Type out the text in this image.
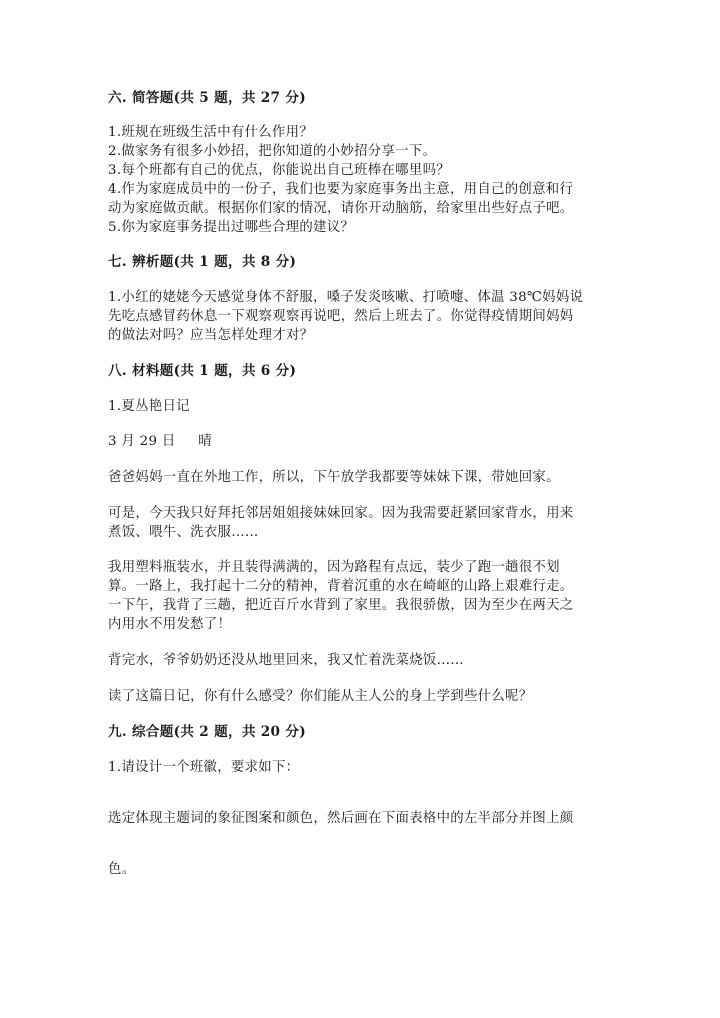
六. 简答题(共 5 题，共 27 分)
1.班规在班级生活中有什么作用？
2.做家务有很多小妙招，把你知道的小妙招分享一下。
3.每个班都有自己的优点，你能说出自己班棒在哪里吗？
4.作为家庭成员中的一份子，我们也要为家庭事务出主意，用自己的创意和行
动为家庭做贡献。根据你们家的情况，请你开动脑筋，给家里出些好点子吧。
5.你为家庭事务提出过哪些合理的建议？
七. 辨析题(共 1 题，共 8 分)
1.小红的姥姥今天感觉身体不舒服，嗓子发炎咳嗽、打喷嚏、体温 38℃妈妈说
先吃点感冒药休息一下观察观察再说吧，然后上班去了。你觉得疫情期间妈妈
的做法对吗？应当怎样处理才对？
八. 材料题(共 1 题，共 6 分)
1.夏丛艳日记
3 月 29 日     晴
爸爸妈妈一直在外地工作，所以，下午放学我都要等妹妹下课，带她回家。
可是，今天我只好拜托邻居姐姐接妹妹回家。因为我需要赶紧回家背水，用来
煮饭、喂牛、洗衣服……
我用塑料瓶装水，并且装得满满的，因为路程有点远，装少了跑一趟很不划
算。一路上，我打起十二分的精神，背着沉重的水在崎岖的山路上艰难行走。
一下午，我背了三趟，把近百斤水背到了家里。我很骄傲，因为至少在两天之
内用水不用发愁了！
背完水，爷爷奶奶还没从地里回来，我又忙着洗菜烧饭……
读了这篇日记，你有什么感受？你们能从主人公的身上学到些什么呢？
九. 综合题(共 2 题，共 20 分)
1.请设计一个班徽，要求如下：
选定体现主题词的象征图案和颜色，然后画在下面表格中的左半部分并图上颜
色。
